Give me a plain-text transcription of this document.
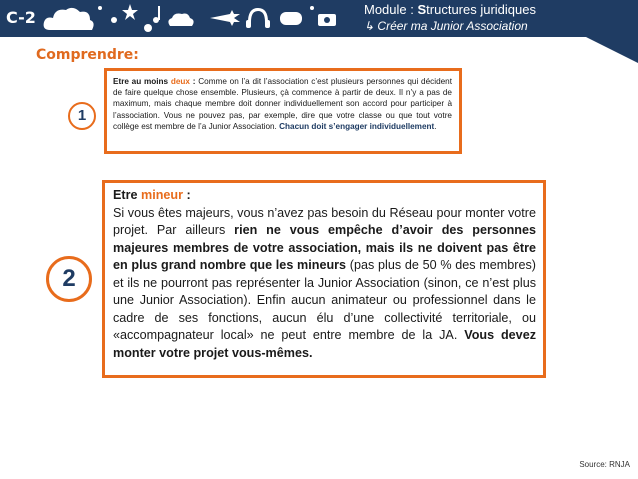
C-2	Module : Structures juridiques
↳ Créer ma Junior Association
Comprendre:
1
Etre au moins deux : Comme on l’a dit l’association c’est plusieurs personnes qui décident de faire quelque chose ensemble. Plusieurs, çà commence à partir de deux. Il n’y a pas de maximum, mais chaque membre doit donner individuellement son accord pour participer à l’association. Vous ne pouvez pas, par exemple, dire que votre classe ou que tout votre collège est membre de l’a Junior Association. Chacun doit s’engager individuellement.
2
Etre mineur :
Si vous êtes majeurs, vous n’avez pas besoin du Réseau pour monter votre projet. Par ailleurs rien ne vous empêche d’avoir des personnes majeures membres de votre association, mais ils ne doivent pas être en plus grand nombre que les mineurs (pas plus de 50 % des membres) et ils ne pourront pas représenter la Junior Association (sinon, ce n’est plus une Junior Association). Enfin aucun animateur ou professionnel dans le cadre de ses fonctions, aucun élu d’une collectivité territoriale, ou «accompagnateur local» ne peut entre membre de la JA. Vous devez monter votre projet vous-mêmes.
Source: RNJA
